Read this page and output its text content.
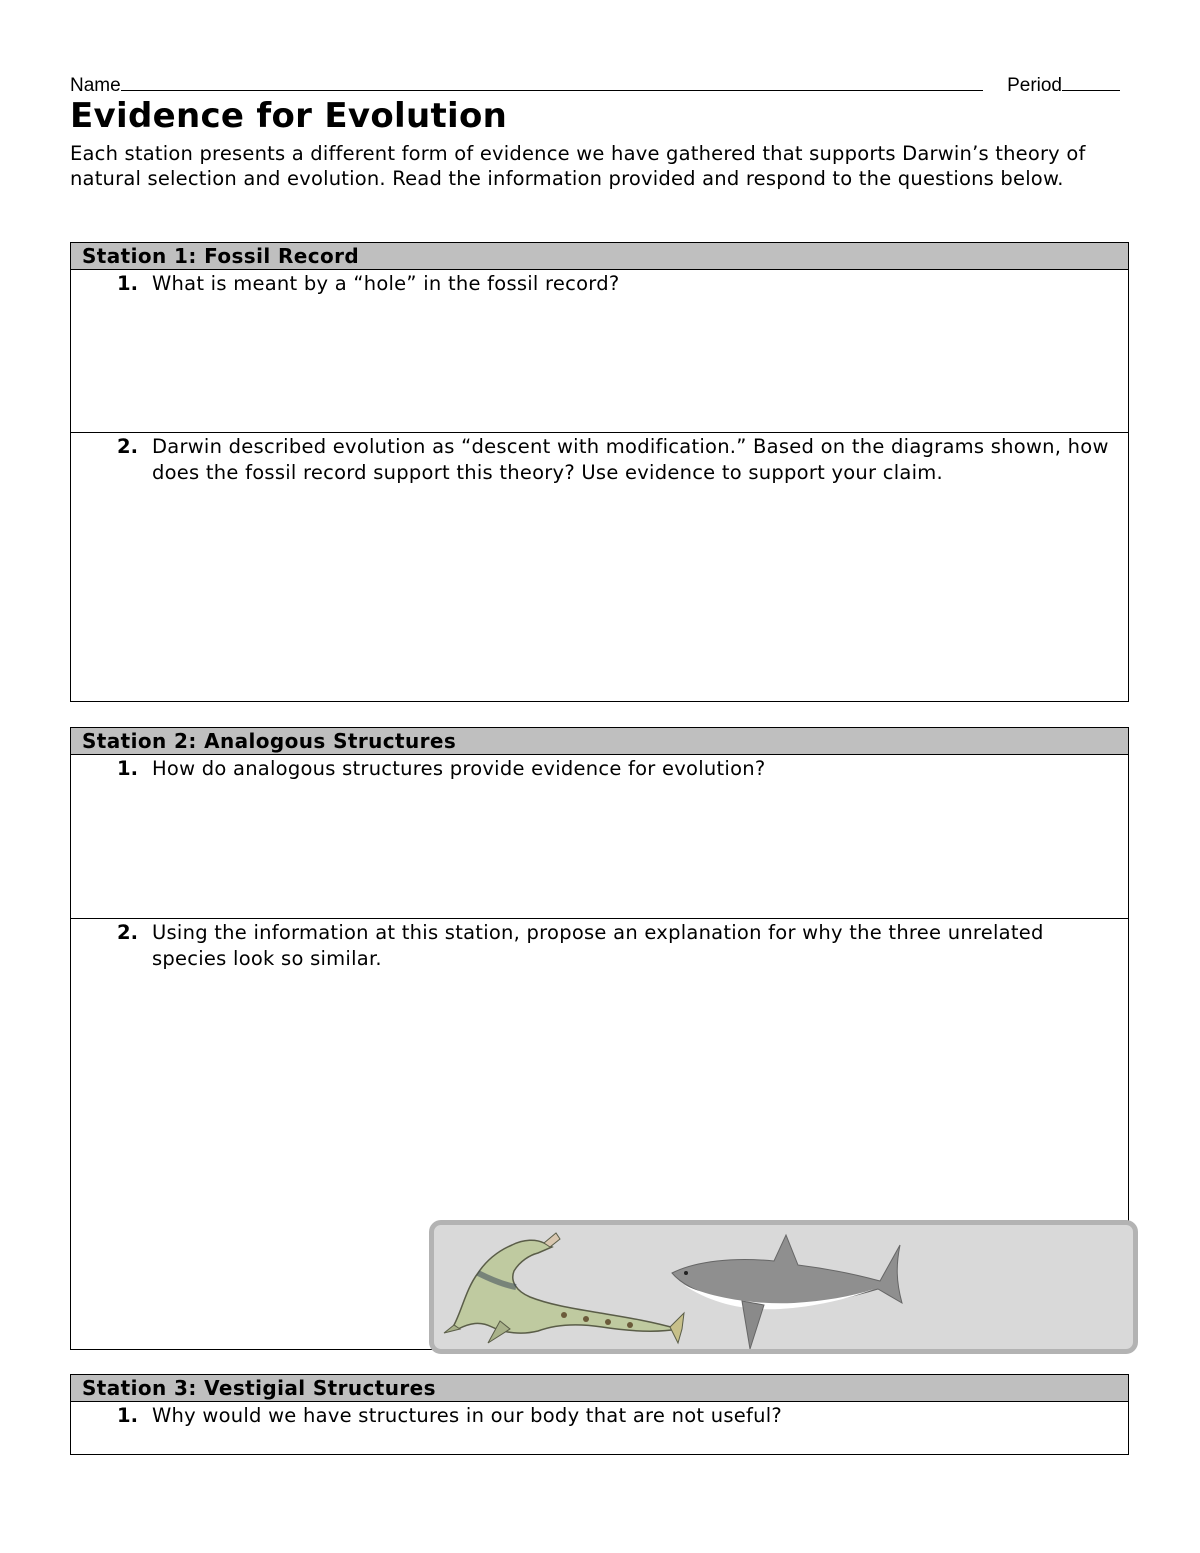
Name	Period
Evidence for Evolution

Each station presents a different form of evidence we have gathered that supports Darwin’s theory of natural selection and evolution. Read the information provided and respond to the questions below.

Station 1: Fossil Record
1. What is meant by a “hole” in the fossil record?
2. Darwin described evolution as “descent with modification.” Based on the diagrams shown, how does the fossil record support this theory? Use evidence to support your claim.
Station 2: Analogous Structures
1. How do analogous structures provide evidence for evolution?
2. Using the information at this station, propose an explanation for why the three unrelated species look so similar.
Station 3: Vestigial Structures
1. Why would we have structures in our body that are not useful?
